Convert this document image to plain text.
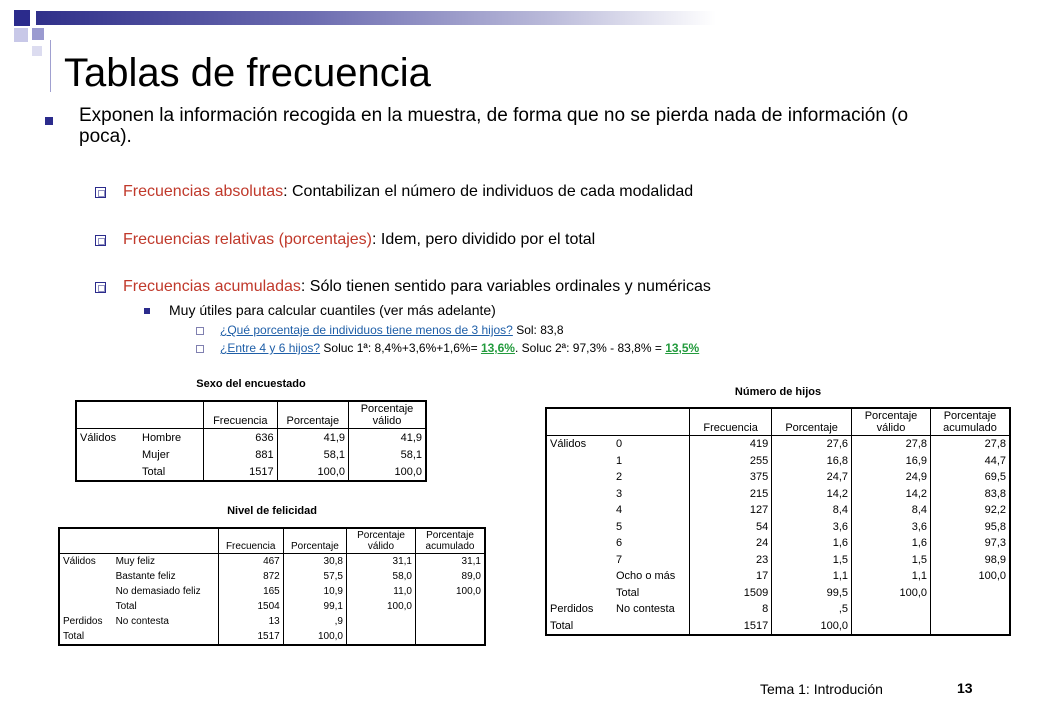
Tablas de frecuencia
Exponen la información recogida en la muestra, de forma que no se pierda nada de información (o poca).
Frecuencias absolutas: Contabilizan el número de individuos de cada modalidad
Frecuencias relativas (porcentajes): Idem, pero dividido por el total
Frecuencias acumuladas: Sólo tienen sentido para variables ordinales y numéricas
Muy útiles para calcular cuantiles (ver más adelante)
¿Qué porcentaje de individuos tiene menos de 3 hijos? Sol: 83,8
¿Entre 4 y 6 hijos? Soluc 1ª: 8,4%+3,6%+1,6%= 13,6%. Soluc 2ª: 97,3% - 83,8% = 13,5%
Sexo del encuestado
		Frecuencia	Porcentaje	Porcentaje válido
Válidos	Hombre	636	41,9	41,9
	Mujer	881	58,1	58,1
	Total	1517	100,0	100,0
Nivel de felicidad
		Frecuencia	Porcentaje	Porcentaje válido	Porcentaje acumulado
Válidos	Muy feliz	467	30,8	31,1	31,1
	Bastante feliz	872	57,5	58,0	89,0
	No demasiado feliz	165	10,9	11,0	100,0
	Total	1504	99,1	100,0	
Perdidos	No contesta	13	,9		
Total		1517	100,0		
Número de hijos
		Frecuencia	Porcentaje	Porcentaje válido	Porcentaje acumulado
Válidos	0	419	27,6	27,8	27,8
	1	255	16,8	16,9	44,7
	2	375	24,7	24,9	69,5
	3	215	14,2	14,2	83,8
	4	127	8,4	8,4	92,2
	5	54	3,6	3,6	95,8
	6	24	1,6	1,6	97,3
	7	23	1,5	1,5	98,9
	Ocho o más	17	1,1	1,1	100,0
	Total	1509	99,5	100,0	
Perdidos	No contesta	8	,5		
Total		1517	100,0		
Tema 1: Introdución	13
